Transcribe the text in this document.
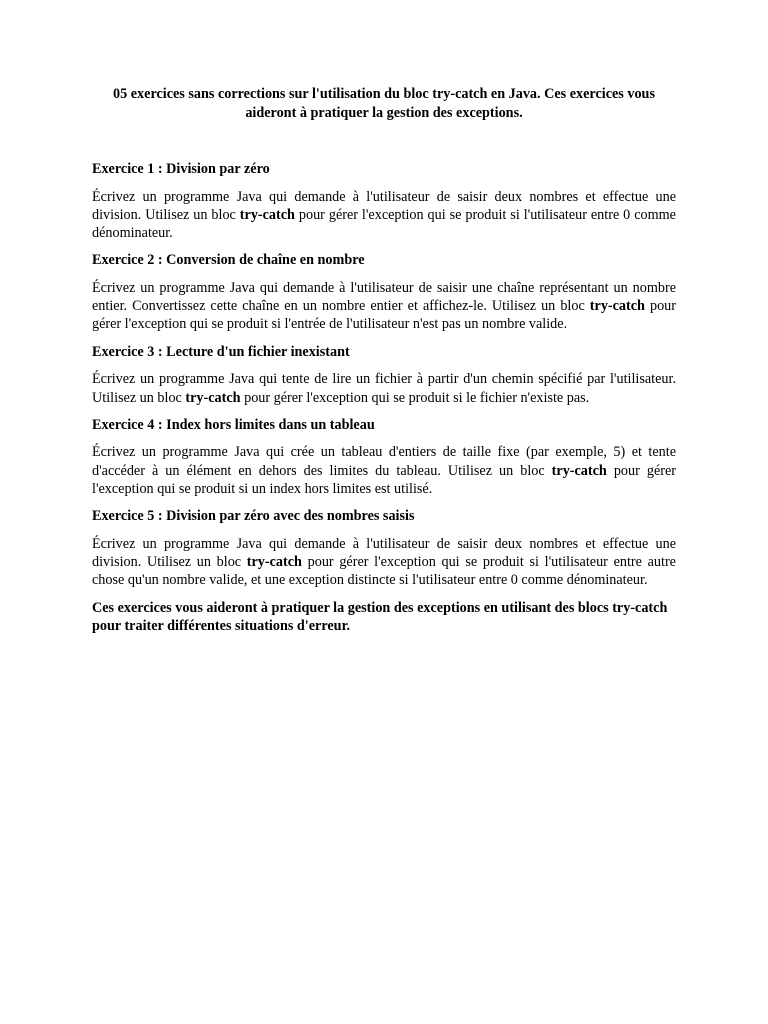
05 exercices sans corrections sur l'utilisation du bloc try-catch en Java. Ces exercices vous aideront à pratiquer la gestion des exceptions.
Exercice 1 : Division par zéro
Écrivez un programme Java qui demande à l'utilisateur de saisir deux nombres et effectue une division. Utilisez un bloc try-catch pour gérer l'exception qui se produit si l'utilisateur entre 0 comme dénominateur.
Exercice 2 : Conversion de chaîne en nombre
Écrivez un programme Java qui demande à l'utilisateur de saisir une chaîne représentant un nombre entier. Convertissez cette chaîne en un nombre entier et affichez-le. Utilisez un bloc try-catch pour gérer l'exception qui se produit si l'entrée de l'utilisateur n'est pas un nombre valide.
Exercice 3 : Lecture d'un fichier inexistant
Écrivez un programme Java qui tente de lire un fichier à partir d'un chemin spécifié par l'utilisateur. Utilisez un bloc try-catch pour gérer l'exception qui se produit si le fichier n'existe pas.
Exercice 4 : Index hors limites dans un tableau
Écrivez un programme Java qui crée un tableau d'entiers de taille fixe (par exemple, 5) et tente d'accéder à un élément en dehors des limites du tableau. Utilisez un bloc try-catch pour gérer l'exception qui se produit si un index hors limites est utilisé.
Exercice 5 : Division par zéro avec des nombres saisis
Écrivez un programme Java qui demande à l'utilisateur de saisir deux nombres et effectue une division. Utilisez un bloc try-catch pour gérer l'exception qui se produit si l'utilisateur entre autre chose qu'un nombre valide, et une exception distincte si l'utilisateur entre 0 comme dénominateur.
Ces exercices vous aideront à pratiquer la gestion des exceptions en utilisant des blocs try-catch pour traiter différentes situations d'erreur.
